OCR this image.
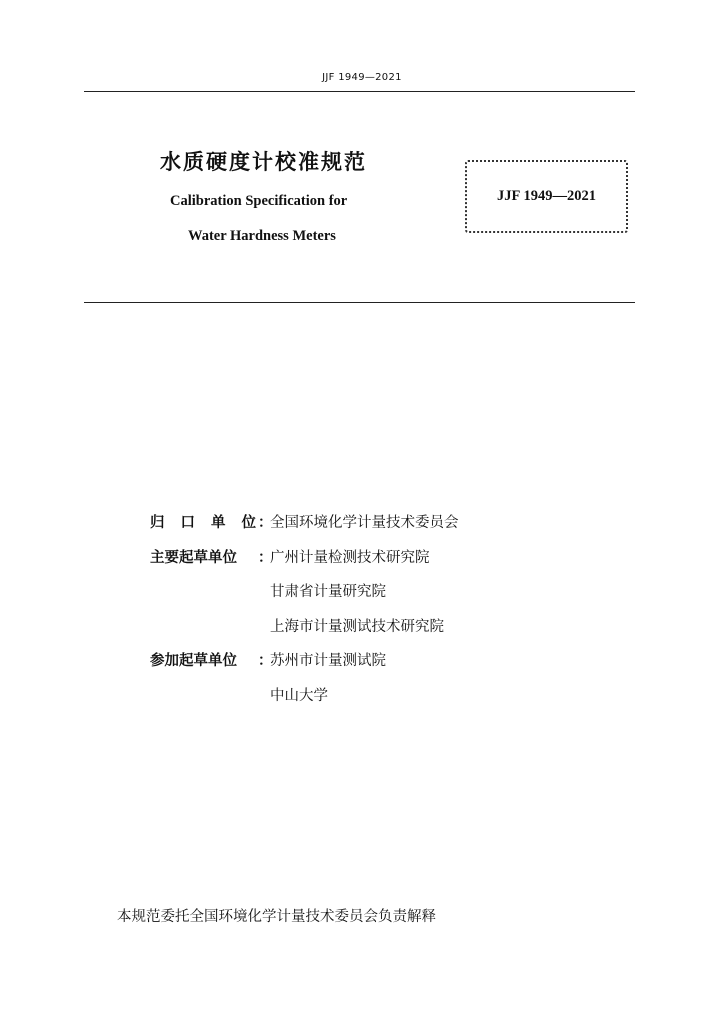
JJF 1949—2021
水质硬度计校准规范
Calibration Specification for
Water Hardness Meters
JJF 1949—2021
归 口 单 位 ：
全国环境化学计量技术委员会
主要起草单位	：
广州计量检测技术研究院
甘肃省计量研究院
上海市计量测试技术研究院
参加起草单位	：
苏州市计量测试院
中山大学
本规范委托全国环境化学计量技术委员会负责解释
